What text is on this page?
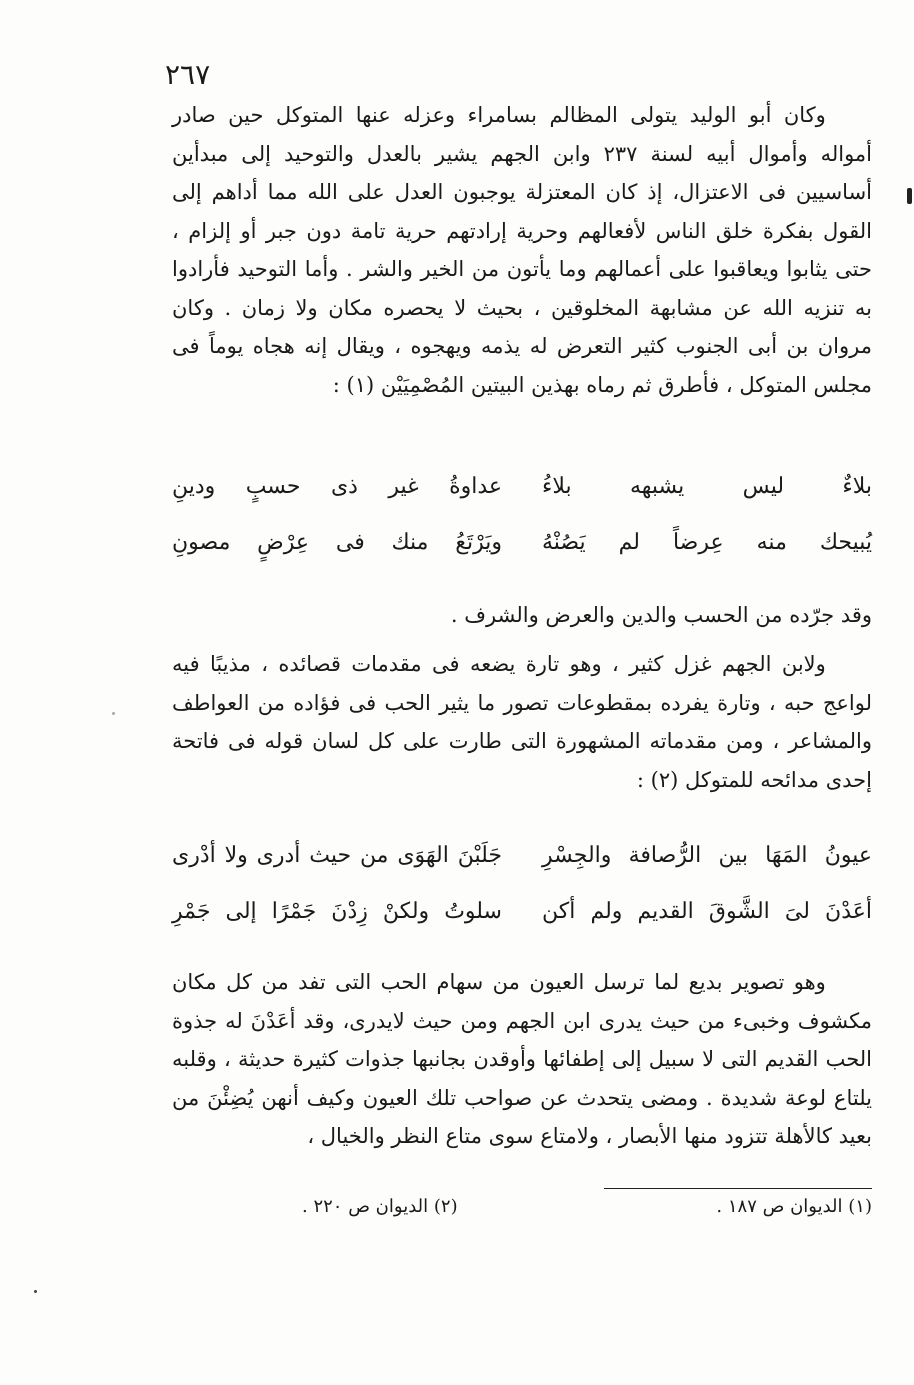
٢٦٧

وكان أبو الوليد يتولى المظالم بسامراء وعزله عنها المتوكل حين صادر أمواله وأموال أبيه لسنة ٢٣٧ وابن الجهم يشير بالعدل والتوحيد إلى مبدأين أساسيين فى الاعتزال، إذ كان المعتزلة يوجبون العدل على الله مما أداهم إلى القول بفكرة خلق الناس لأفعالهم وحرية إرادتهم حرية تامة دون جبر أو إلزام ، حتى يثابوا ويعاقبوا على أعمالهم وما يأتون من الخير والشر . وأما التوحيد فأرادوا به تنزيه الله عن مشابهة المخلوقين ، بحيث لا يحصره مكان ولا زمان . وكان مروان بن أبى الجنوب كثير التعرض له يذمه ويهجوه ، ويقال إنه هجاه يوماً فى مجلس المتوكل ، فأطرق ثم رماه بهذين البيتين المُصْمِيَيْن (١) :

بلاءٌ ليس يشبهه بلاءُ
عداوةُ غير ذى حسبٍ ودينِ
يُبيحك منه عِرضاً لم يَصُنْهُ
ويَرْتَعُ منك فى عِرْضٍ مصونِ

وقد جرّده من الحسب والدين والعرض والشرف .

ولابن الجهم غزل كثير ، وهو تارة يضعه فى مقدمات قصائده ، مذيبًا فيه لواعج حبه ، وتارة يفرده بمقطوعات تصور ما يثير الحب فى فؤاده من العواطف والمشاعر ، ومن مقدماته المشهورة التى طارت على كل لسان قوله فى فاتحة إحدى مدائحه للمتوكل (٢) :

عيونُ المَهَا بين الرُّصافة والجِسْرِ
جَلَبْنَ الهَوَى من حيث أدرى ولا أدْرى
أعَدْنَ لىَ الشَّوقَ القديم ولم أكن
سلوتُ ولكنْ زِدْنَ جَمْرًا إلى جَمْرِ

وهو تصوير بديع لما ترسل العيون من سهام الحب التى تفد من كل مكان مكشوف وخبىء من حيث يدرى ابن الجهم ومن حيث لايدرى، وقد أعَدْنَ له جذوة الحب القديم التى لا سبيل إلى إطفائها وأوقدن بجانبها جذوات كثيرة حديثة ، وقلبه يلتاع لوعة شديدة . ومضى يتحدث عن صواحب تلك العيون وكيف أنهن يُضِئْنَ من بعيد كالأهلة تتزود منها الأبصار ، ولامتاع سوى متاع النظر والخيال ،

(١) الديوان ص ١٨٧ .
(٢) الديوان ص ٢٢٠ .
